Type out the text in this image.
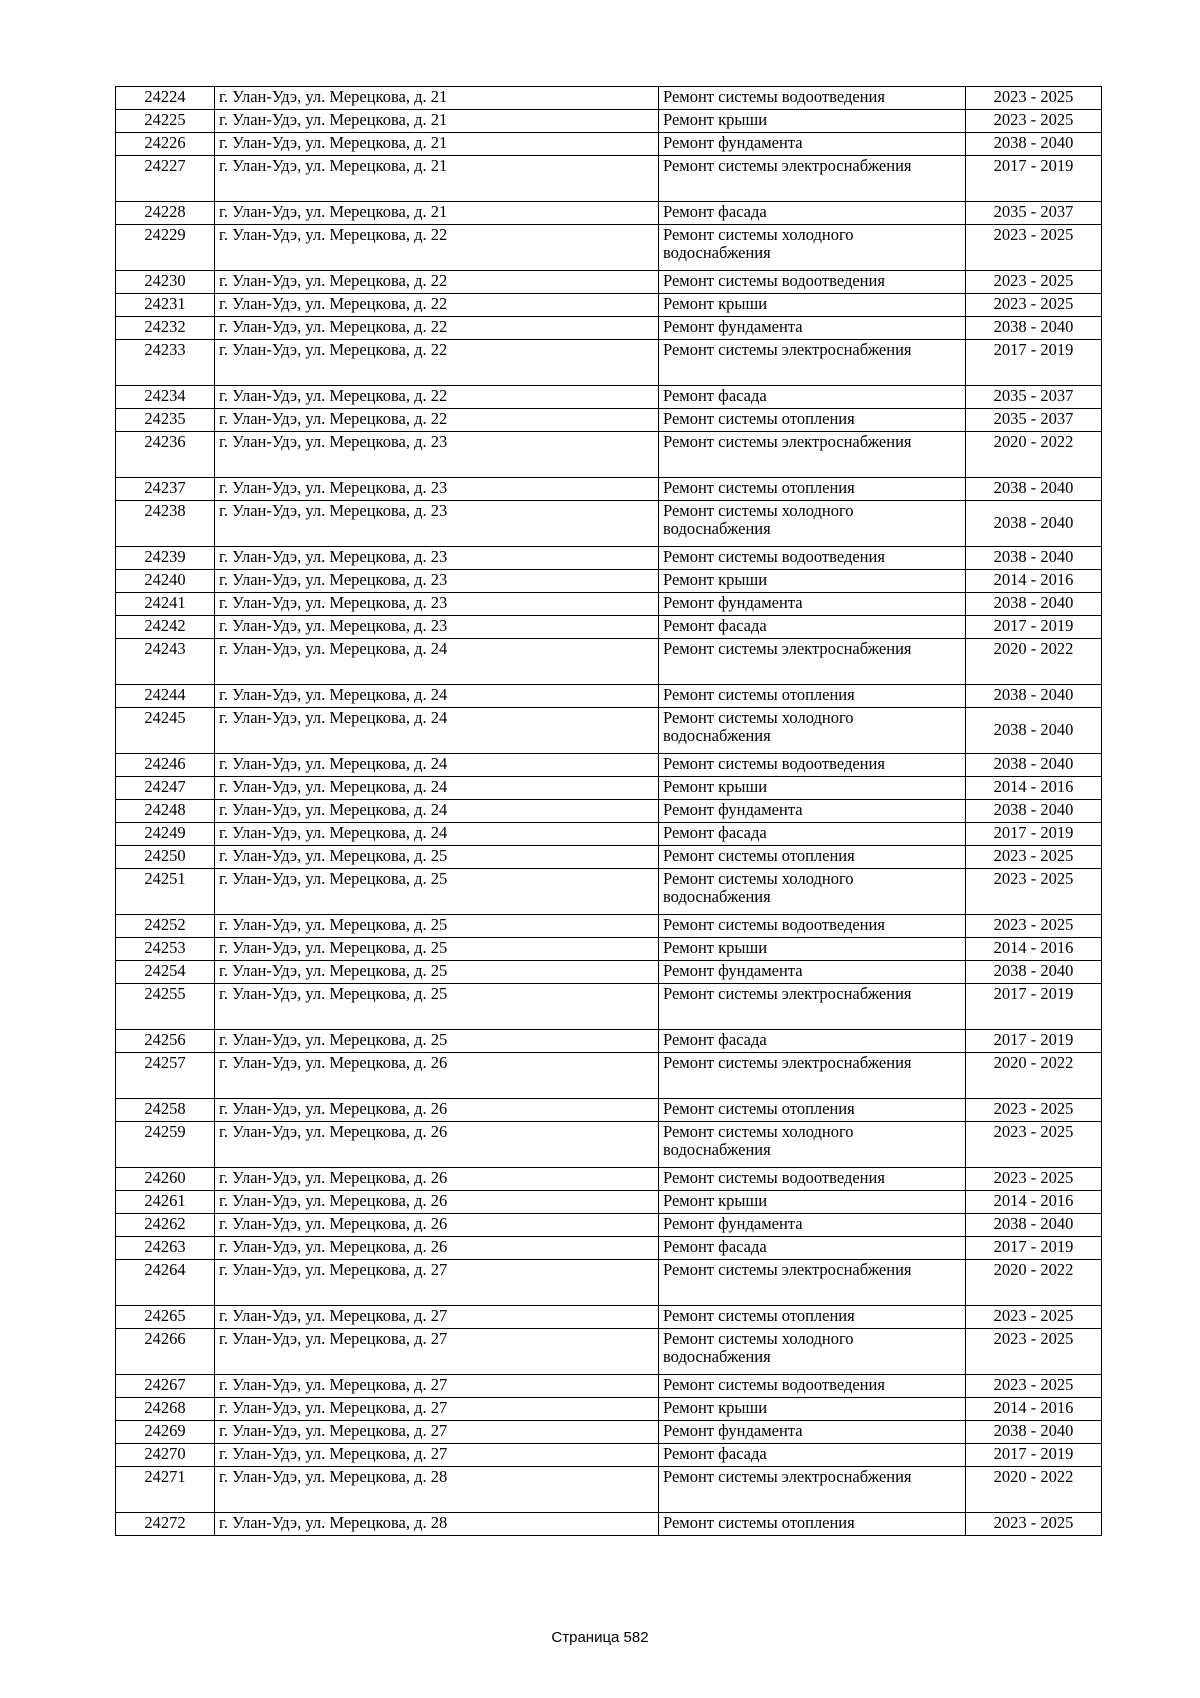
24224	г. Улан-Удэ, ул. Мерецкова, д. 21	Ремонт системы водоотведения	2023 - 2025
24225	г. Улан-Удэ, ул. Мерецкова, д. 21	Ремонт крыши	2023 - 2025
24226	г. Улан-Удэ, ул. Мерецкова, д. 21	Ремонт фундамента	2038 - 2040
24227	г. Улан-Удэ, ул. Мерецкова, д. 21	Ремонт системы электроснабжения	2017 - 2019
24228	г. Улан-Удэ, ул. Мерецкова, д. 21	Ремонт фасада	2035 - 2037
24229	г. Улан-Удэ, ул. Мерецкова, д. 22	Ремонт системы холодного водоснабжения	2023 - 2025
24230	г. Улан-Удэ, ул. Мерецкова, д. 22	Ремонт системы водоотведения	2023 - 2025
24231	г. Улан-Удэ, ул. Мерецкова, д. 22	Ремонт крыши	2023 - 2025
24232	г. Улан-Удэ, ул. Мерецкова, д. 22	Ремонт фундамента	2038 - 2040
24233	г. Улан-Удэ, ул. Мерецкова, д. 22	Ремонт системы электроснабжения	2017 - 2019
24234	г. Улан-Удэ, ул. Мерецкова, д. 22	Ремонт фасада	2035 - 2037
24235	г. Улан-Удэ, ул. Мерецкова, д. 22	Ремонт системы отопления	2035 - 2037
24236	г. Улан-Удэ, ул. Мерецкова, д. 23	Ремонт системы электроснабжения	2020 - 2022
24237	г. Улан-Удэ, ул. Мерецкова, д. 23	Ремонт системы отопления	2038 - 2040
24238	г. Улан-Удэ, ул. Мерецкова, д. 23	Ремонт системы холодного водоснабжения	2038 - 2040
24239	г. Улан-Удэ, ул. Мерецкова, д. 23	Ремонт системы водоотведения	2038 - 2040
24240	г. Улан-Удэ, ул. Мерецкова, д. 23	Ремонт крыши	2014 - 2016
24241	г. Улан-Удэ, ул. Мерецкова, д. 23	Ремонт фундамента	2038 - 2040
24242	г. Улан-Удэ, ул. Мерецкова, д. 23	Ремонт фасада	2017 - 2019
24243	г. Улан-Удэ, ул. Мерецкова, д. 24	Ремонт системы электроснабжения	2020 - 2022
24244	г. Улан-Удэ, ул. Мерецкова, д. 24	Ремонт системы отопления	2038 - 2040
24245	г. Улан-Удэ, ул. Мерецкова, д. 24	Ремонт системы холодного водоснабжения	2038 - 2040
24246	г. Улан-Удэ, ул. Мерецкова, д. 24	Ремонт системы водоотведения	2038 - 2040
24247	г. Улан-Удэ, ул. Мерецкова, д. 24	Ремонт крыши	2014 - 2016
24248	г. Улан-Удэ, ул. Мерецкова, д. 24	Ремонт фундамента	2038 - 2040
24249	г. Улан-Удэ, ул. Мерецкова, д. 24	Ремонт фасада	2017 - 2019
24250	г. Улан-Удэ, ул. Мерецкова, д. 25	Ремонт системы отопления	2023 - 2025
24251	г. Улан-Удэ, ул. Мерецкова, д. 25	Ремонт системы холодного водоснабжения	2023 - 2025
24252	г. Улан-Удэ, ул. Мерецкова, д. 25	Ремонт системы водоотведения	2023 - 2025
24253	г. Улан-Удэ, ул. Мерецкова, д. 25	Ремонт крыши	2014 - 2016
24254	г. Улан-Удэ, ул. Мерецкова, д. 25	Ремонт фундамента	2038 - 2040
24255	г. Улан-Удэ, ул. Мерецкова, д. 25	Ремонт системы электроснабжения	2017 - 2019
24256	г. Улан-Удэ, ул. Мерецкова, д. 25	Ремонт фасада	2017 - 2019
24257	г. Улан-Удэ, ул. Мерецкова, д. 26	Ремонт системы электроснабжения	2020 - 2022
24258	г. Улан-Удэ, ул. Мерецкова, д. 26	Ремонт системы отопления	2023 - 2025
24259	г. Улан-Удэ, ул. Мерецкова, д. 26	Ремонт системы холодного водоснабжения	2023 - 2025
24260	г. Улан-Удэ, ул. Мерецкова, д. 26	Ремонт системы водоотведения	2023 - 2025
24261	г. Улан-Удэ, ул. Мерецкова, д. 26	Ремонт крыши	2014 - 2016
24262	г. Улан-Удэ, ул. Мерецкова, д. 26	Ремонт фундамента	2038 - 2040
24263	г. Улан-Удэ, ул. Мерецкова, д. 26	Ремонт фасада	2017 - 2019
24264	г. Улан-Удэ, ул. Мерецкова, д. 27	Ремонт системы электроснабжения	2020 - 2022
24265	г. Улан-Удэ, ул. Мерецкова, д. 27	Ремонт системы отопления	2023 - 2025
24266	г. Улан-Удэ, ул. Мерецкова, д. 27	Ремонт системы холодного водоснабжения	2023 - 2025
24267	г. Улан-Удэ, ул. Мерецкова, д. 27	Ремонт системы водоотведения	2023 - 2025
24268	г. Улан-Удэ, ул. Мерецкова, д. 27	Ремонт крыши	2014 - 2016
24269	г. Улан-Удэ, ул. Мерецкова, д. 27	Ремонт фундамента	2038 - 2040
24270	г. Улан-Удэ, ул. Мерецкова, д. 27	Ремонт фасада	2017 - 2019
24271	г. Улан-Удэ, ул. Мерецкова, д. 28	Ремонт системы электроснабжения	2020 - 2022
24272	г. Улан-Удэ, ул. Мерецкова, д. 28	Ремонт системы отопления	2023 - 2025
Страница 582
